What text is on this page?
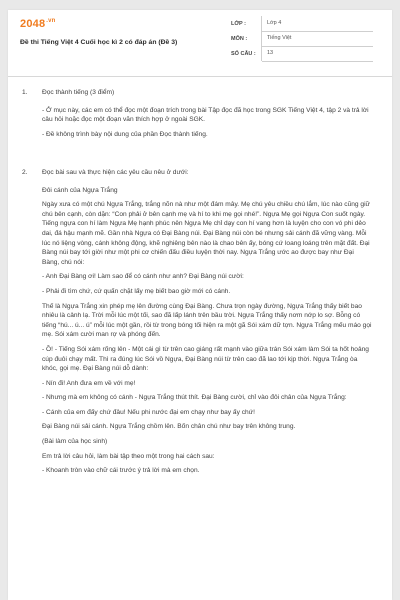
$2048^{.vn}$
Đề thi Tiếng Việt 4 Cuối học kì 2 có đáp án (Đề 3)
LỚP :	Lớp 4
MÔN :	Tiếng Việt
SỐ CÂU :	13
1. Đọc thành tiếng (3 điểm)

- Ở mục này, các em có thể đọc một đoạn trích trong bài Tập đọc đã học trong SGK Tiếng Việt 4, tập 2 và trả lời câu hỏi hoặc đọc một đoạn văn thích hợp ở ngoài SGK.

- Đề không trình bày nội dung của phần Đọc thành tiếng.

2. Đọc bài sau và thực hiện các yêu cầu nêu ở dưới:

Đôi cánh của Ngựa Trắng

Ngày xưa có một chú Ngựa Trắng, trắng nõn nà như một đám mây. Mẹ chú yêu chiều chú lắm, lúc nào cũng giữ chú bên cạnh, còn dặn: “Con phải ở bên cạnh mẹ và hí to khi mẹ gọi nhé!”. Ngựa Mẹ gọi Ngựa Con suốt ngày. Tiếng ngựa con hí làm Ngựa Mẹ hạnh phúc nên Ngựa Mẹ chỉ dạy con hí vang hơn là luyện cho con vó phi dẻo dai, đá hậu mạnh mẽ. Gần nhà Ngựa có Đại Bàng núi. Đại Bàng núi còn bé nhưng sải cánh đã vững vàng. Mỗi lúc nó liệng vòng, cánh không động, khẽ nghiêng bên nào là chao bên ấy, bóng cứ loang loáng trên mặt đất. Đại Bàng núi bay tới giời như một phi cơ chiến đấu điều luyện thời nay. Ngựa Trắng ước ao được bay như Đại Bàng, chú nói:

- Anh Đại Bàng ơi! Làm sao để có cánh như anh? Đại Bàng núi cười:

- Phải đi tìm chứ, cứ quấn chặt lấy mẹ biết bao giờ mới có cánh.

Thế là Ngựa Trắng xin phép mẹ lên đường cùng Đại Bàng. Chưa trọn ngày đường, Ngựa Trắng thấy biết bao nhiêu là cảnh lạ. Trời mỗi lúc một tối, sao đã lấp lánh trên bầu trời. Ngựa Trắng thấy nơm nớp lo sợ. Bỗng có tiếng “hú... ú... ú” mỗi lúc một gần, rồi từ trong bóng tối hiện ra một gã Sói xám dữ tợn. Ngựa Trắng mếu máo gọi mẹ. Sói xám cười man rợ và phóng đến.

- Ồ! - Tiếng Sói xám rống lên - Một cái gì từ trên cao giáng rất mạnh vào giữa trán Sói xám làm Sói ta hốt hoảng cúp đuôi chạy mất. Thì ra đúng lúc Sói vồ Ngựa, Đại Bàng núi từ trên cao đã lao tới kịp thời. Ngựa Trắng òa khóc, gọi mẹ. Đại Bàng núi dỗ dành:

- Nín đi! Anh đưa em về với mẹ!

- Nhưng mà em không có cánh - Ngựa Trắng thút thít. Đại Bàng cười, chỉ vào đôi chân của Ngựa Trắng:

- Cánh của em đấy chứ đâu! Nếu phi nước đại em chạy như bay ấy chứ!

Đại Bàng núi sải cánh. Ngựa Trắng chồm lên. Bốn chân chú như bay trên không trung.

(Bài làm của học sinh)

Em trả lời câu hỏi, làm bài tập theo một trong hai cách sau:

- Khoanh tròn vào chữ cái trước ý trả lời mà em chọn.
